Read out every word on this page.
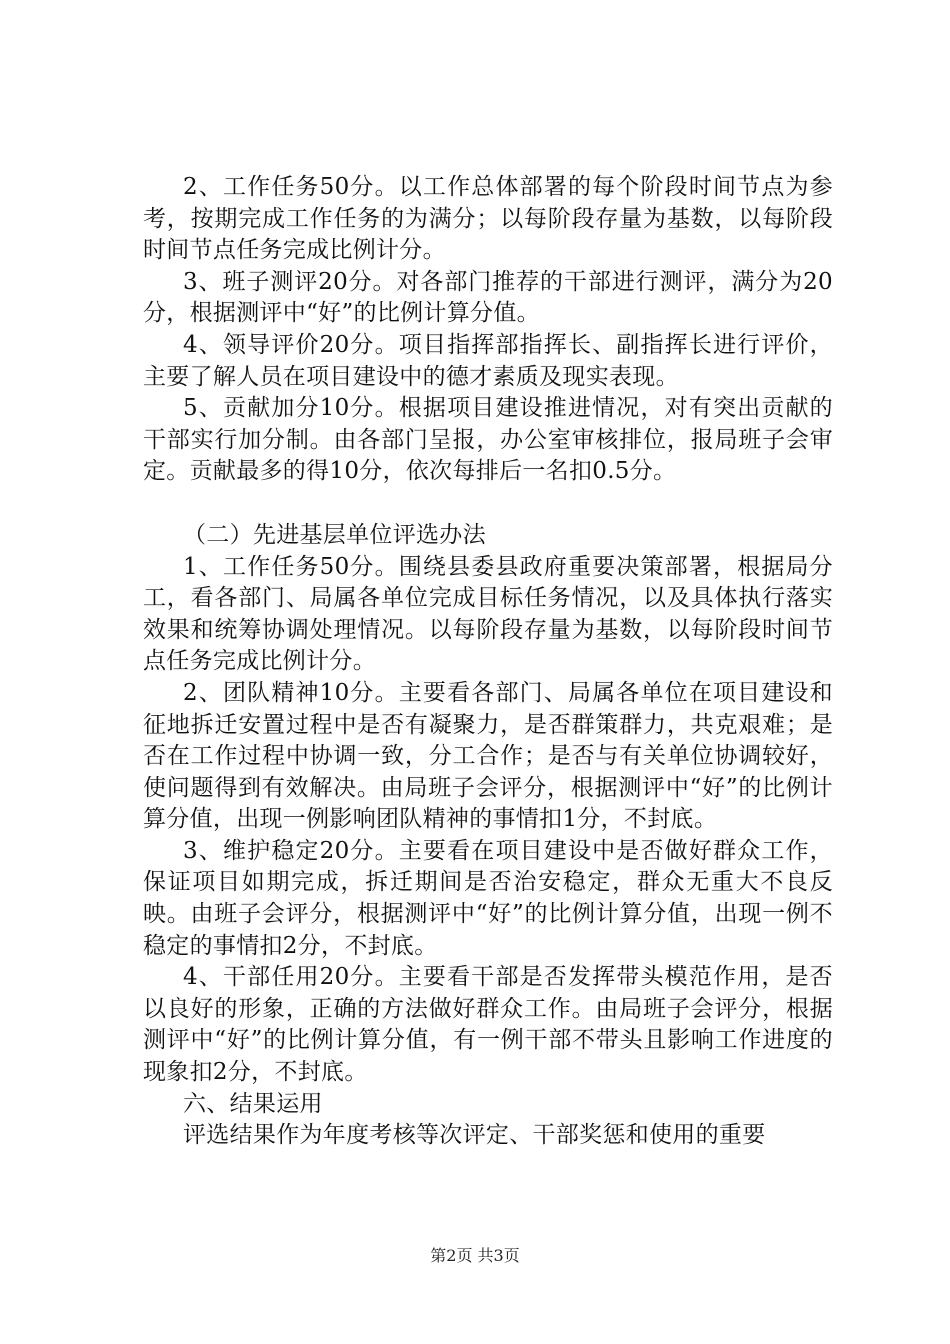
2、工作任务50分。以工作总体部署的每个阶段时间节点为参考，按期完成工作任务的为满分；以每阶段存量为基数，以每阶段时间节点任务完成比例计分。

3、班子测评20分。对各部门推荐的干部进行测评，满分为20分，根据测评中“好”的比例计算分值。

4、领导评价20分。项目指挥部指挥长、副指挥长进行评价，主要了解人员在项目建设中的德才素质及现实表现。

5、贡献加分10分。根据项目建设推进情况，对有突出贡献的干部实行加分制。由各部门呈报，办公室审核排位，报局班子会审定。贡献最多的得10分，依次每排后一名扣0.5分。

（二）先进基层单位评选办法

1、工作任务50分。围绕县委县政府重要决策部署，根据局分工，看各部门、局属各单位完成目标任务情况，以及具体执行落实效果和统筹协调处理情况。以每阶段存量为基数，以每阶段时间节点任务完成比例计分。

2、团队精神10分。主要看各部门、局属各单位在项目建设和征地拆迁安置过程中是否有凝聚力，是否群策群力，共克艰难；是否在工作过程中协调一致，分工合作；是否与有关单位协调较好，使问题得到有效解决。由局班子会评分，根据测评中“好”的比例计算分值，出现一例影响团队精神的事情扣1分，不封底。

3、维护稳定20分。主要看在项目建设中是否做好群众工作，保证项目如期完成，拆迁期间是否治安稳定，群众无重大不良反映。由班子会评分，根据测评中“好”的比例计算分值，出现一例不稳定的事情扣2分，不封底。

4、干部任用20分。主要看干部是否发挥带头模范作用，是否以良好的形象，正确的方法做好群众工作。由局班子会评分，根据测评中“好”的比例计算分值，有一例干部不带头且影响工作进度的现象扣2分，不封底。

六、结果运用

评选结果作为年度考核等次评定、干部奖惩和使用的重要

第2页 共3页
